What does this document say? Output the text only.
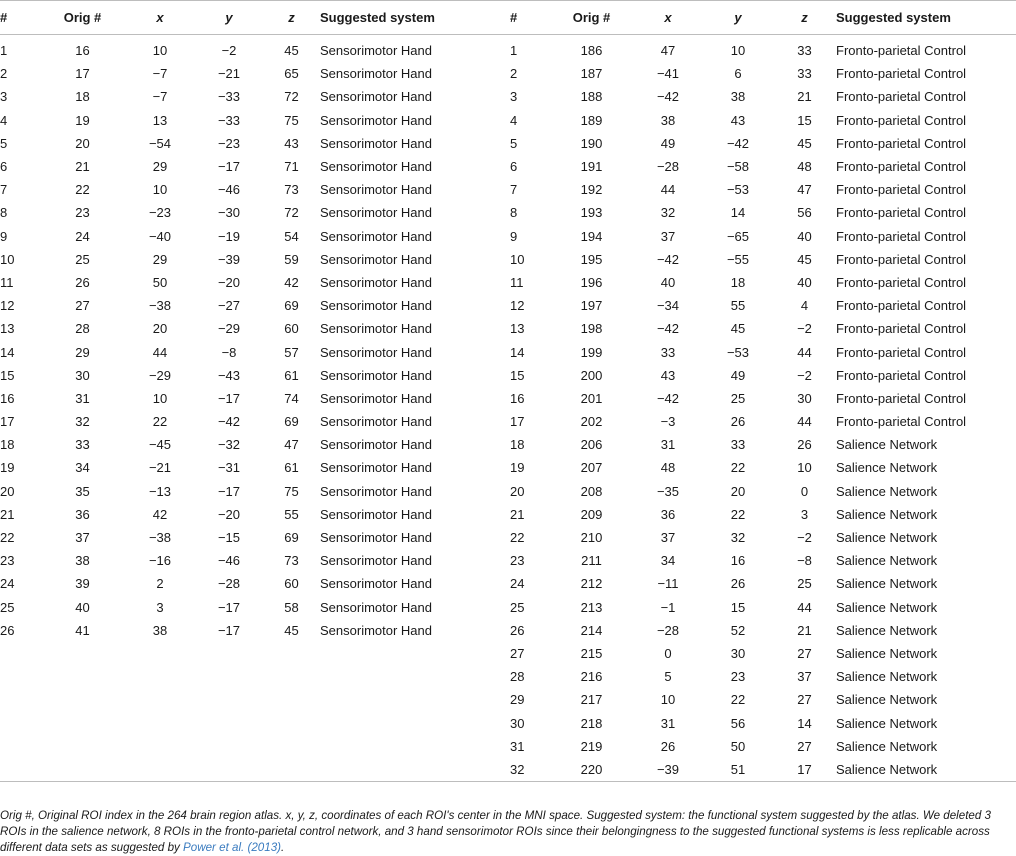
#	Orig #	x	y	z	Suggested system	#	Orig #	x	y	z	Suggested system
1	16	10	−2	45	Sensorimotor Hand	1	186	47	10	33	Fronto-parietal Control
2	17	−7	−21	65	Sensorimotor Hand	2	187	−41	6	33	Fronto-parietal Control
3	18	−7	−33	72	Sensorimotor Hand	3	188	−42	38	21	Fronto-parietal Control
4	19	13	−33	75	Sensorimotor Hand	4	189	38	43	15	Fronto-parietal Control
5	20	−54	−23	43	Sensorimotor Hand	5	190	49	−42	45	Fronto-parietal Control
6	21	29	−17	71	Sensorimotor Hand	6	191	−28	−58	48	Fronto-parietal Control
7	22	10	−46	73	Sensorimotor Hand	7	192	44	−53	47	Fronto-parietal Control
8	23	−23	−30	72	Sensorimotor Hand	8	193	32	14	56	Fronto-parietal Control
9	24	−40	−19	54	Sensorimotor Hand	9	194	37	−65	40	Fronto-parietal Control
10	25	29	−39	59	Sensorimotor Hand	10	195	−42	−55	45	Fronto-parietal Control
11	26	50	−20	42	Sensorimotor Hand	11	196	40	18	40	Fronto-parietal Control
12	27	−38	−27	69	Sensorimotor Hand	12	197	−34	55	4	Fronto-parietal Control
13	28	20	−29	60	Sensorimotor Hand	13	198	−42	45	−2	Fronto-parietal Control
14	29	44	−8	57	Sensorimotor Hand	14	199	33	−53	44	Fronto-parietal Control
15	30	−29	−43	61	Sensorimotor Hand	15	200	43	49	−2	Fronto-parietal Control
16	31	10	−17	74	Sensorimotor Hand	16	201	−42	25	30	Fronto-parietal Control
17	32	22	−42	69	Sensorimotor Hand	17	202	−3	26	44	Fronto-parietal Control
18	33	−45	−32	47	Sensorimotor Hand	18	206	31	33	26	Salience Network
19	34	−21	−31	61	Sensorimotor Hand	19	207	48	22	10	Salience Network
20	35	−13	−17	75	Sensorimotor Hand	20	208	−35	20	0	Salience Network
21	36	42	−20	55	Sensorimotor Hand	21	209	36	22	3	Salience Network
22	37	−38	−15	69	Sensorimotor Hand	22	210	37	32	−2	Salience Network
23	38	−16	−46	73	Sensorimotor Hand	23	211	34	16	−8	Salience Network
24	39	2	−28	60	Sensorimotor Hand	24	212	−11	26	25	Salience Network
25	40	3	−17	58	Sensorimotor Hand	25	213	−1	15	44	Salience Network
26	41	38	−17	45	Sensorimotor Hand	26	214	−28	52	21	Salience Network
						27	215	0	30	27	Salience Network
						28	216	5	23	37	Salience Network
						29	217	10	22	27	Salience Network
						30	218	31	56	14	Salience Network
						31	219	26	50	27	Salience Network
						32	220	−39	51	17	Salience Network
Orig #, Original ROI index in the 264 brain region atlas. x, y, z, coordinates of each ROI's center in the MNI space. Suggested system: the functional system suggested by the atlas. We deleted 3 ROIs in the salience network, 8 ROIs in the fronto-parietal control network, and 3 hand sensorimotor ROIs since their belongingness to the suggested functional systems is less replicable across different data sets as suggested by Power et al. (2013).
